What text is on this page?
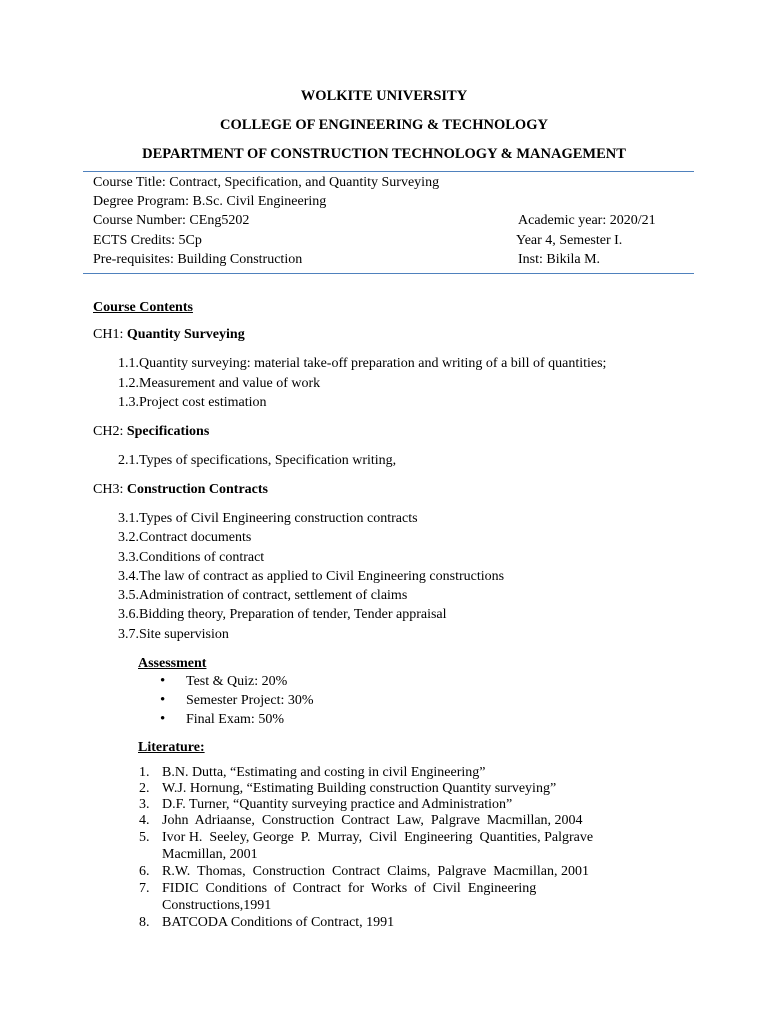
WOLKITE UNIVERSITY
COLLEGE OF ENGINEERING & TECHNOLOGY
DEPARTMENT OF CONSTRUCTION TECHNOLOGY & MANAGEMENT
Course Title: Contract, Specification, and Quantity Surveying
Degree Program: B.Sc. Civil Engineering
Course Number: CEng5202	Academic year: 2020/21
ECTS Credits: 5Cp	Year 4, Semester I.
Pre-requisites: Building Construction	Inst: Bikila M.
Course Contents
CH1: Quantity Surveying
1.1.Quantity surveying: material take-off preparation and writing of a bill of quantities;
1.2.Measurement and value of work
1.3.Project cost estimation
CH2: Specifications
2.1.Types of specifications, Specification writing,
CH3: Construction Contracts
3.1.Types of Civil Engineering construction contracts
3.2.Contract documents
3.3.Conditions of contract
3.4.The law of contract as applied to Civil Engineering constructions
3.5.Administration of contract, settlement of claims
3.6.Bidding theory, Preparation of tender, Tender appraisal
3.7.Site supervision
Assessment
•
Test & Quiz: 20%
•
Semester Project: 30%
•
Final Exam: 50%
Literature:
1. B.N. Dutta, “Estimating and costing in civil Engineering”
2. W.J. Hornung, “Estimating Building construction Quantity surveying”
3. D.F. Turner, “Quantity surveying practice and Administration”
4. John  Adriaanse,  Construction  Contract  Law,  Palgrave  Macmillan, 2004
5. Ivor H.  Seeley, George  P.  Murray,  Civil  Engineering  Quantities, Palgrave
Macmillan, 2001
6. R.W.  Thomas,  Construction  Contract  Claims,  Palgrave  Macmillan, 2001
7. FIDIC  Conditions  of  Contract  for  Works  of  Civil  Engineering
Constructions,1991
8. BATCODA Conditions of Contract, 1991
